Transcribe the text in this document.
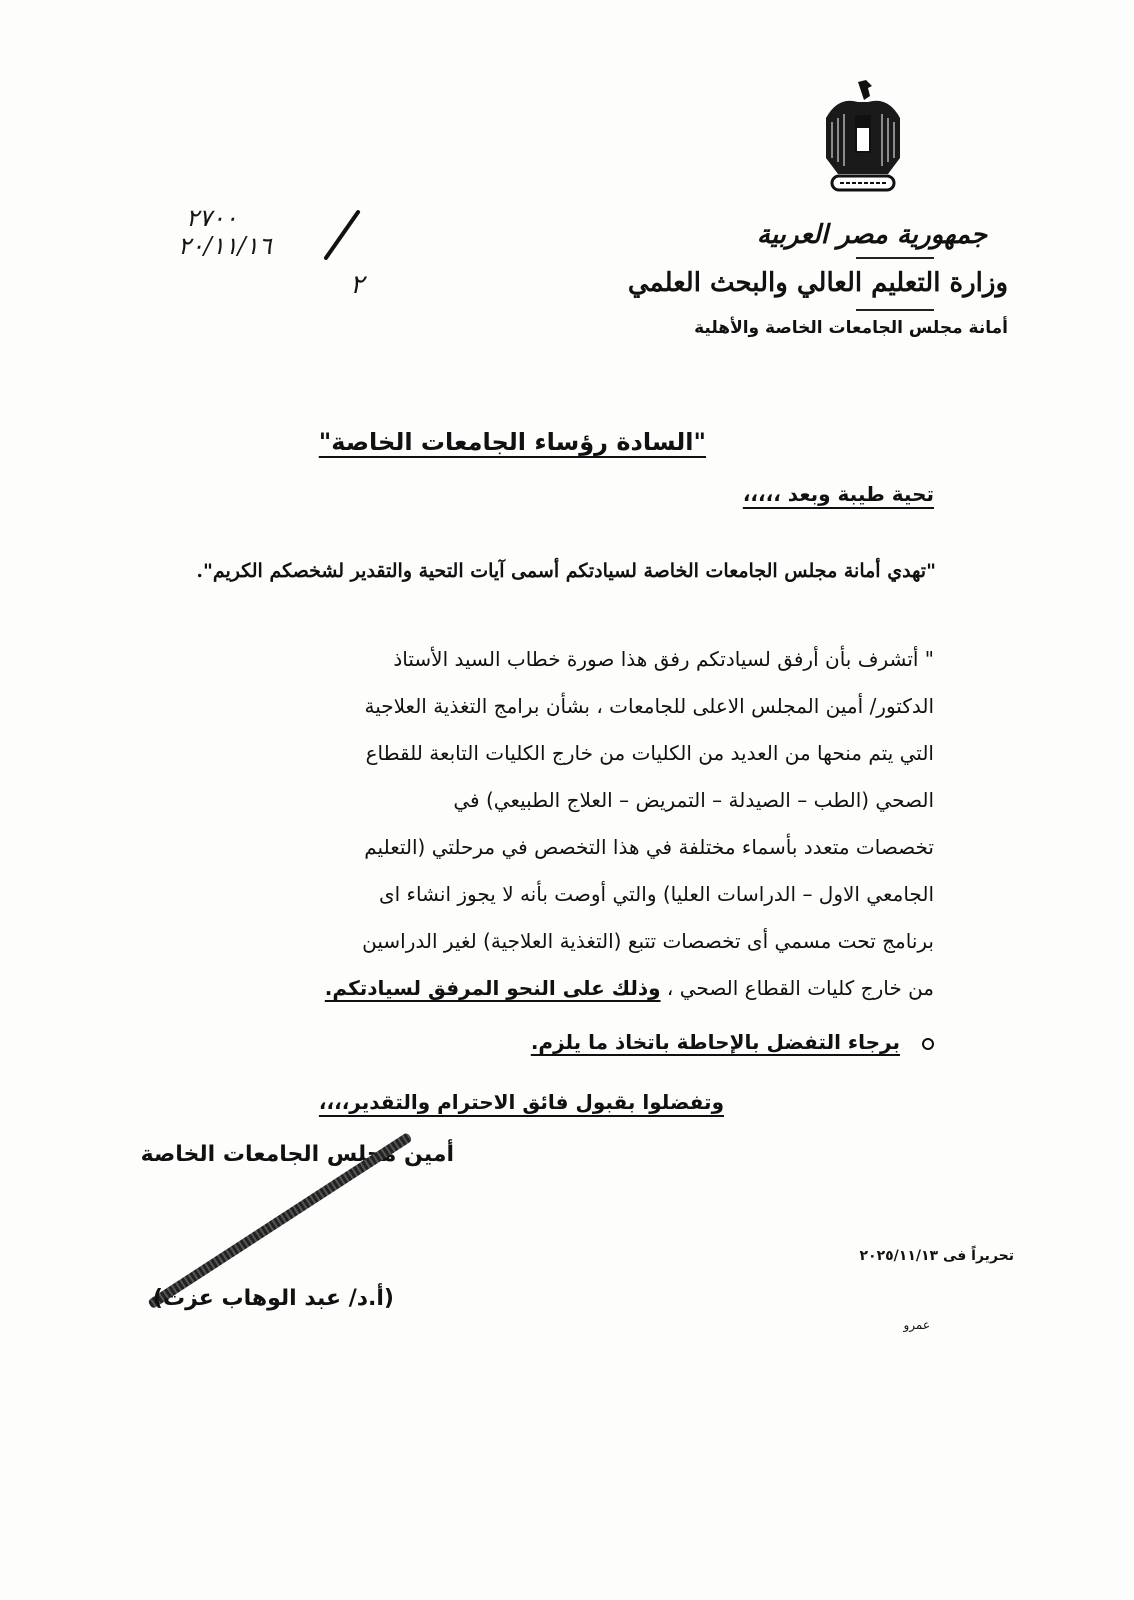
جمهورية مصر العربية
وزارة التعليم العالي والبحث العلمي
أمانة مجلس الجامعات الخاصة والأهلية
٢٧٠٠
٢٠/١١/١٦
٢
"السادة رؤساء الجامعات الخاصة"
تحية طيبة وبعد ،،،،،
"تهدي أمانة مجلس الجامعات الخاصة لسيادتكم أسمى آيات التحية والتقدير لشخصكم الكريم".

" أتشرف بأن أرفق لسيادتكم رفق هذا صورة خطاب السيد الأستاذ

الدكتور/ أمين المجلس الاعلى للجامعات ، بشأن برامج التغذية العلاجية

التي يتم منحها من العديد من الكليات من خارج الكليات التابعة للقطاع

الصحي (الطب – الصيدلة – التمريض – العلاج الطبيعي) في

تخصصات متعدد بأسماء مختلفة في هذا التخصص في مرحلتي (التعليم

الجامعي الاول – الدراسات العليا) والتي أوصت بأنه لا يجوز انشاء اى

برنامج تحت مسمي أى تخصصات تتبع (التغذية العلاجية) لغير الدراسين

من خارج كليات القطاع الصحي ، وذلك على النحو المرفق لسيادتكم.

برجاء التفضل بالإحاطة باتخاذ ما يلزم.
وتفضلوا بقبول فائق الاحترام والتقدير،،،،
أمين مجلس الجامعات الخاصة
(أ.د/ عبد الوهاب عزت)
تحريراً فى ٢٠٢٥/١١/١٣
عمرو
